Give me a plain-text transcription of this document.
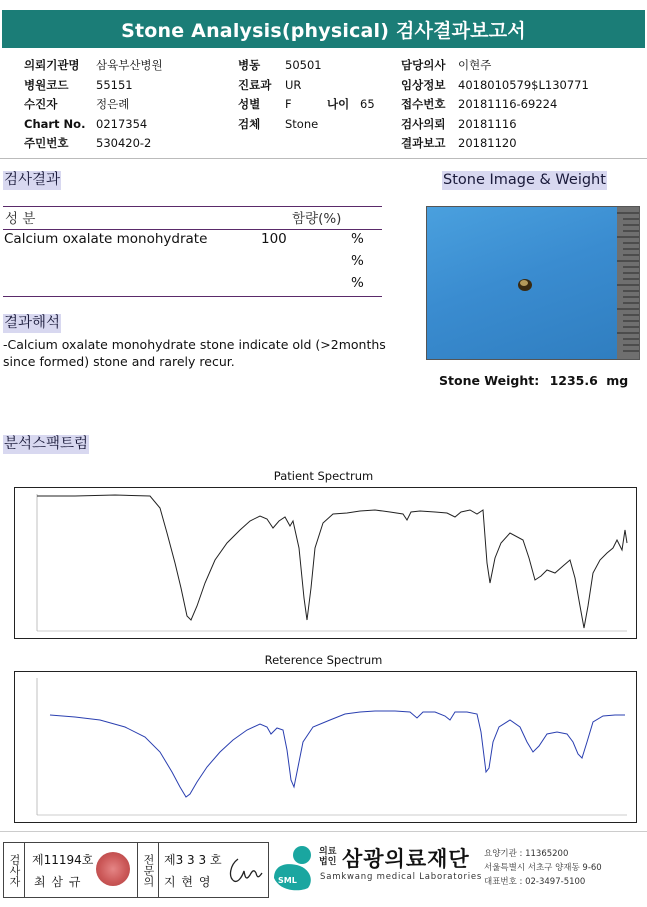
Stone Analysis(physical) 검사결과보고서
의뢰기관명 삼육부산병원
병원코드 55151
수진자	정은례
Chart No. 0217354
주민번호 530420-2
병동 50501
진료과 UR
성별 F	나이 65
검체 Stone
담당의사 이현주
임상정보 4018010579$L130771
접수번호 20181116-69224
검사의뢰 20181116
결과보고 20181120
검사결과
성 분	함량(%)
Calcium oxalate monohydrate	100	%
%
%
Stone Image & Weight
Stone Weight: 1235.6 mg
결과해석
-Calcium oxalate monohydrate stone indicate old (>2months
since formed) stone and rarely recur.
분석스팩트럼
Patient Spectrum
Reterence Spectrum
검사자 제11194호
최 삼 규	전문의 제3 3 3 호
지 현 영	SML
의료
법인 삼광의료재단
Samkwang medical Laboratories
요양기관 : 11365200
서울특별시 서초구 양재동 9-60
대표번호 : 02-3497-5100
